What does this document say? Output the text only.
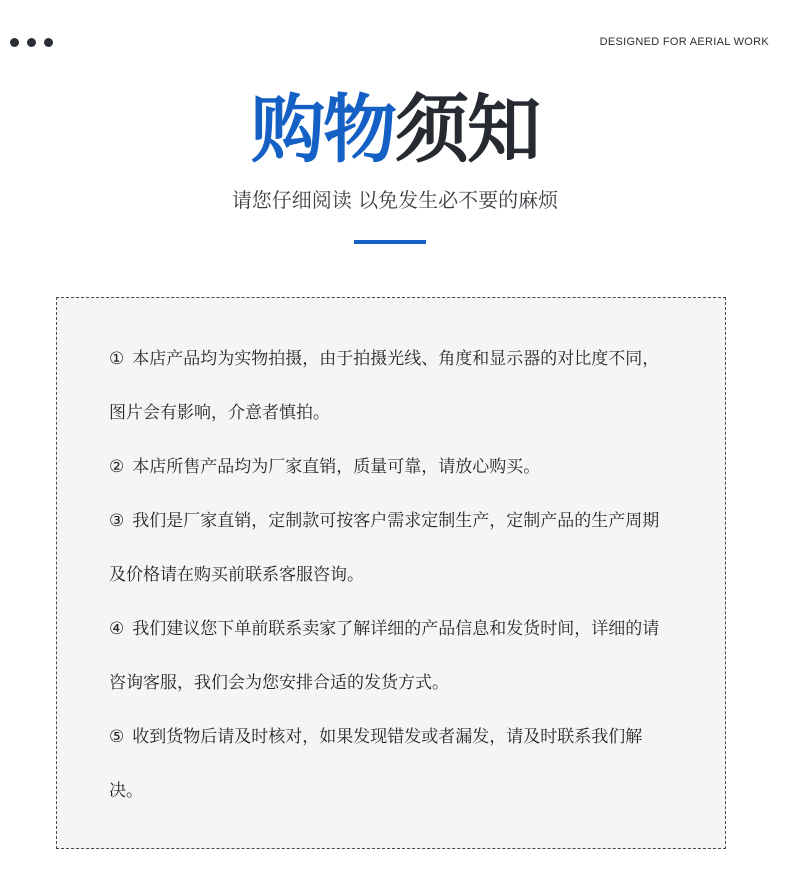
DESIGNED FOR AERIAL WORK
购物须知
请您仔细阅读 以免发生必不要的麻烦

① 本店产品均为实物拍摄，由于拍摄光线、角度和显示器的对比度不同，图片会有影响，介意者慎拍。

② 本店所售产品均为厂家直销，质量可靠，请放心购买。

③ 我们是厂家直销，定制款可按客户需求定制生产，定制产品的生产周期及价格请在购买前联系客服咨询。

④ 我们建议您下单前联系卖家了解详细的产品信息和发货时间，详细的请咨询客服，我们会为您安排合适的发货方式。

⑤ 收到货物后请及时核对，如果发现错发或者漏发，请及时联系我们解决。
